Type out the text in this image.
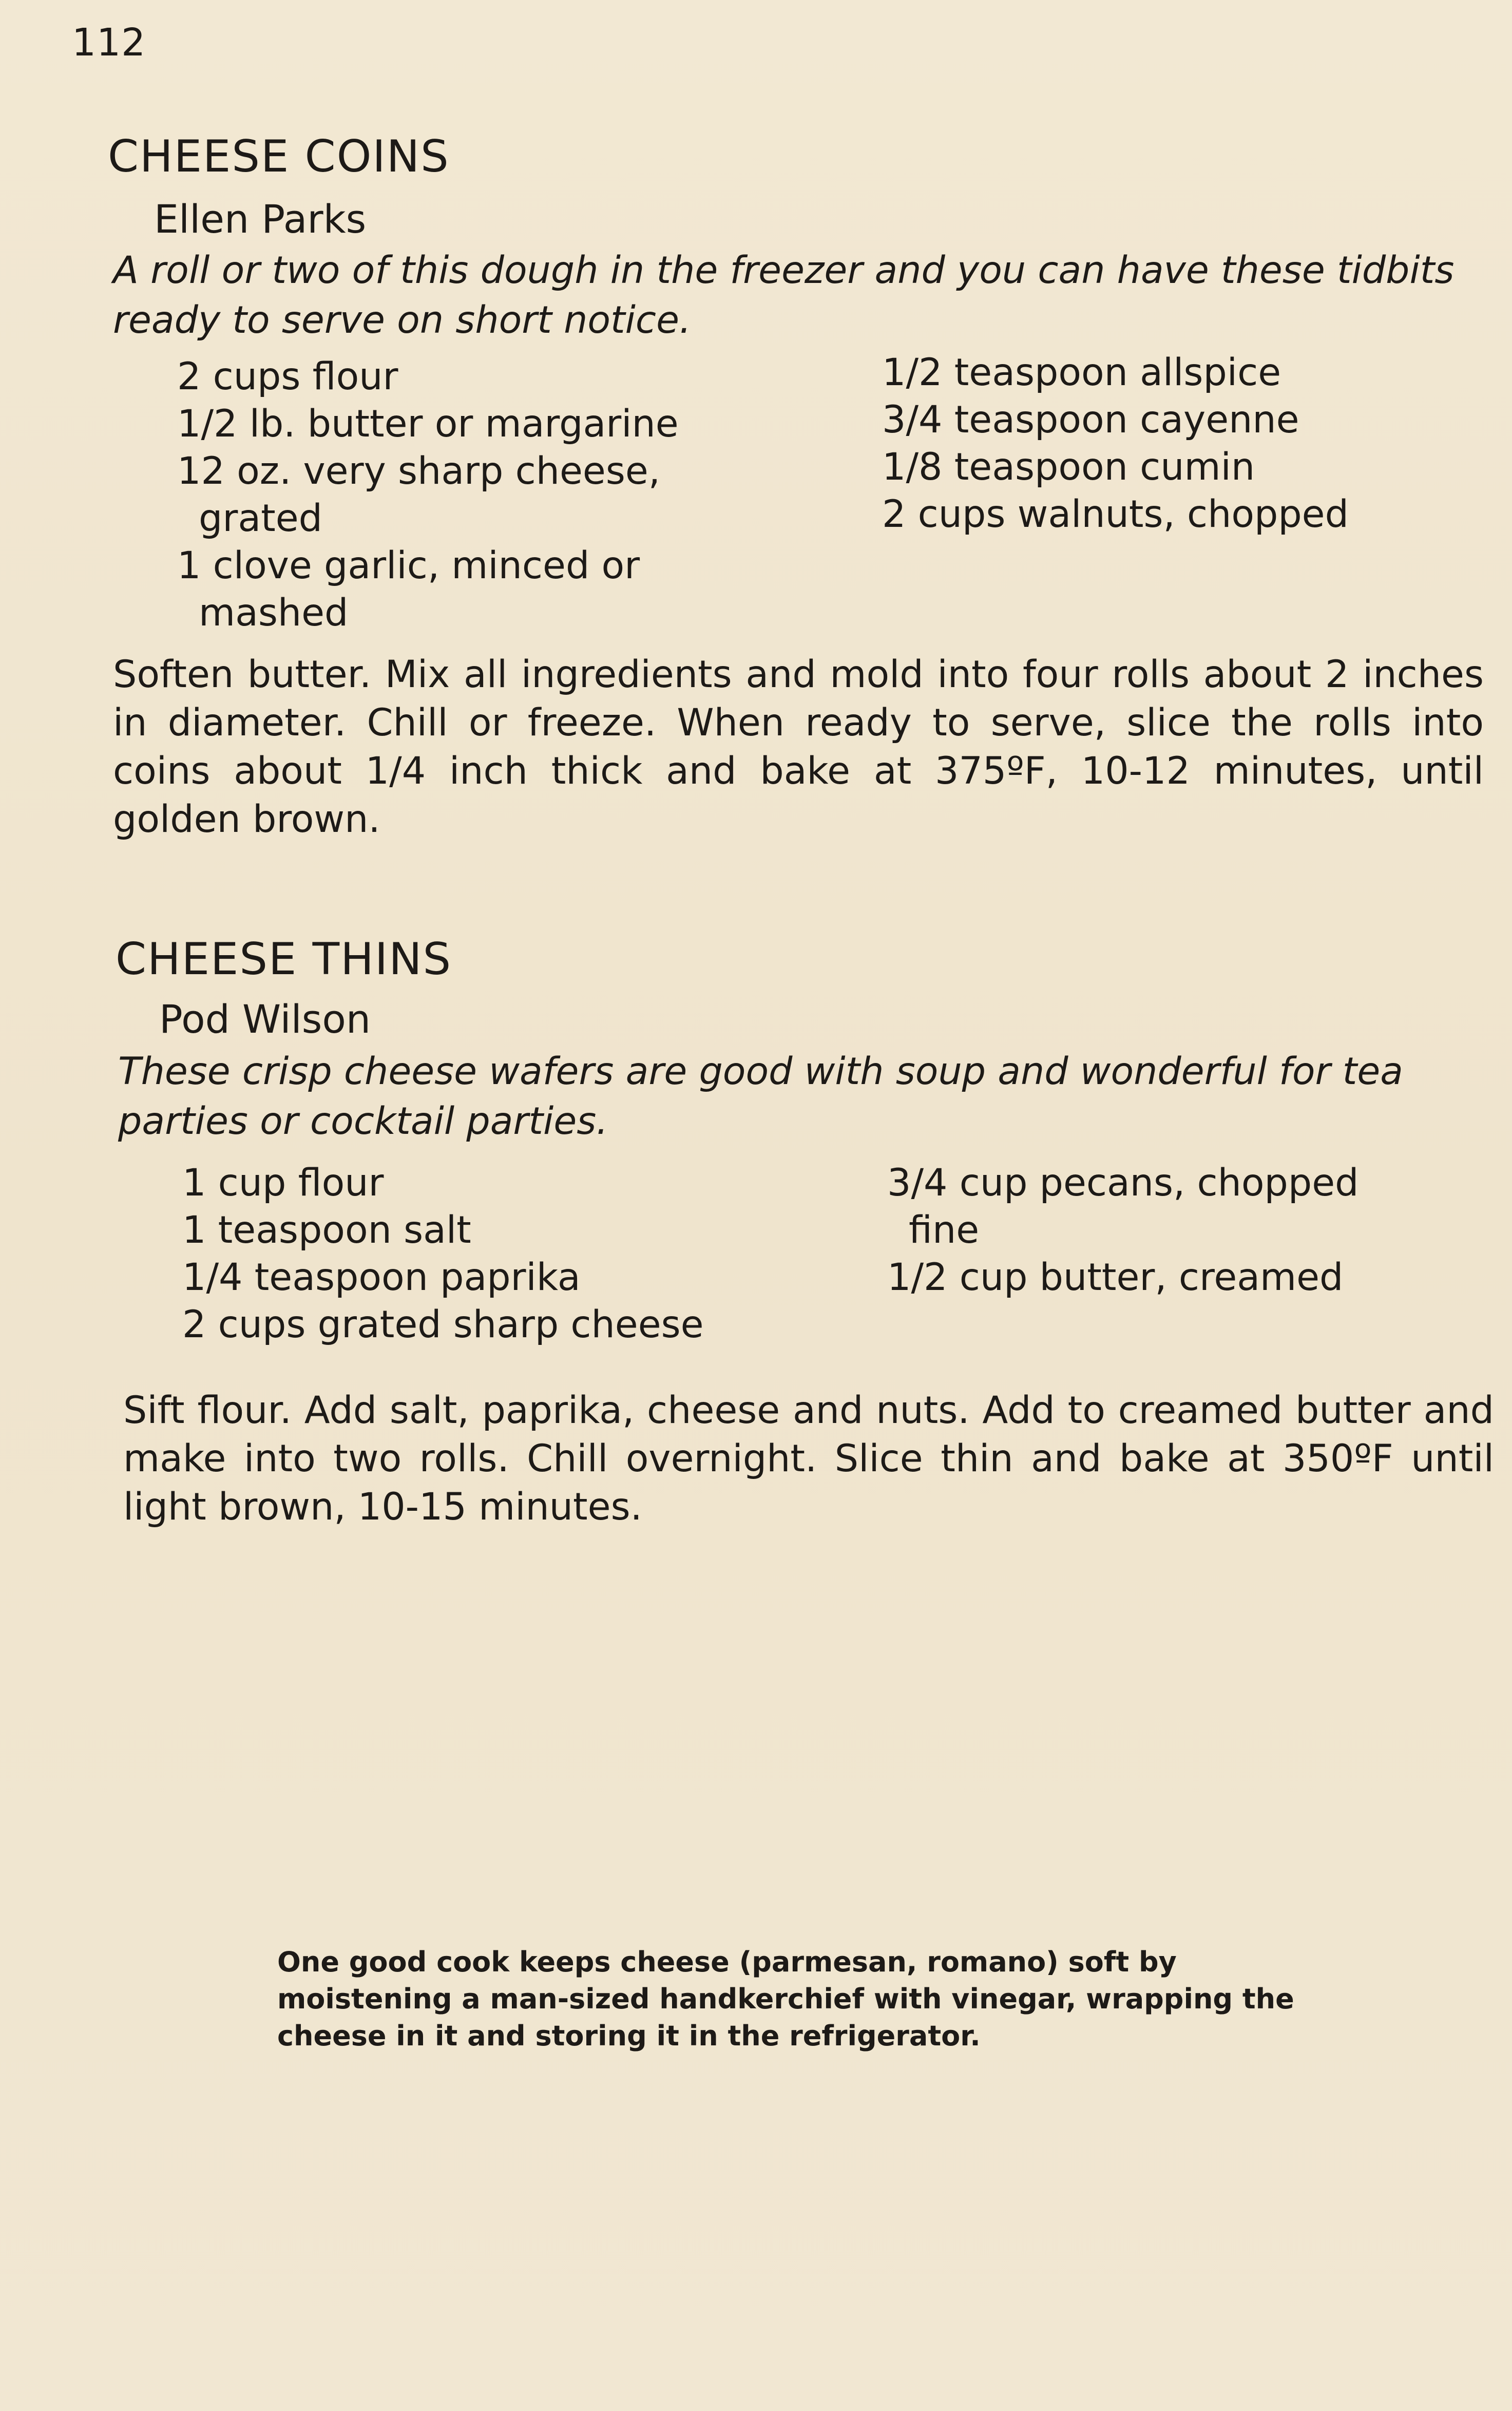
112
CHEESE COINS
Ellen Parks
A roll or two of this dough in the freezer and you can have these tidbits ready to serve on short notice.
2 cups flour
1/2 lb. butter or margarine
12 oz. very sharp cheese, grated
1 clove garlic, minced or mashed
1/2 teaspoon allspice
3/4 teaspoon cayenne
1/8 teaspoon cumin
2 cups walnuts, chopped
Soften butter. Mix all ingredients and mold into four rolls about 2 inches in diameter. Chill or freeze. When ready to serve, slice the rolls into coins about 1/4 inch thick and bake at 375ºF, 10-12 minutes, until golden brown.
CHEESE THINS
Pod Wilson
These crisp cheese wafers are good with soup and wonderful for tea parties or cocktail parties.
1 cup flour
1 teaspoon salt
1/4 teaspoon paprika
2 cups grated sharp cheese
3/4 cup pecans, chopped fine
1/2 cup butter, creamed
Sift flour. Add salt, paprika, cheese and nuts. Add to creamed butter and make into two rolls. Chill overnight. Slice thin and bake at 350ºF until light brown, 10-15 minutes.
One good cook keeps cheese (parmesan, romano) soft by moistening a man-sized handkerchief with vinegar, wrapping the cheese in it and storing it in the refrigerator.
